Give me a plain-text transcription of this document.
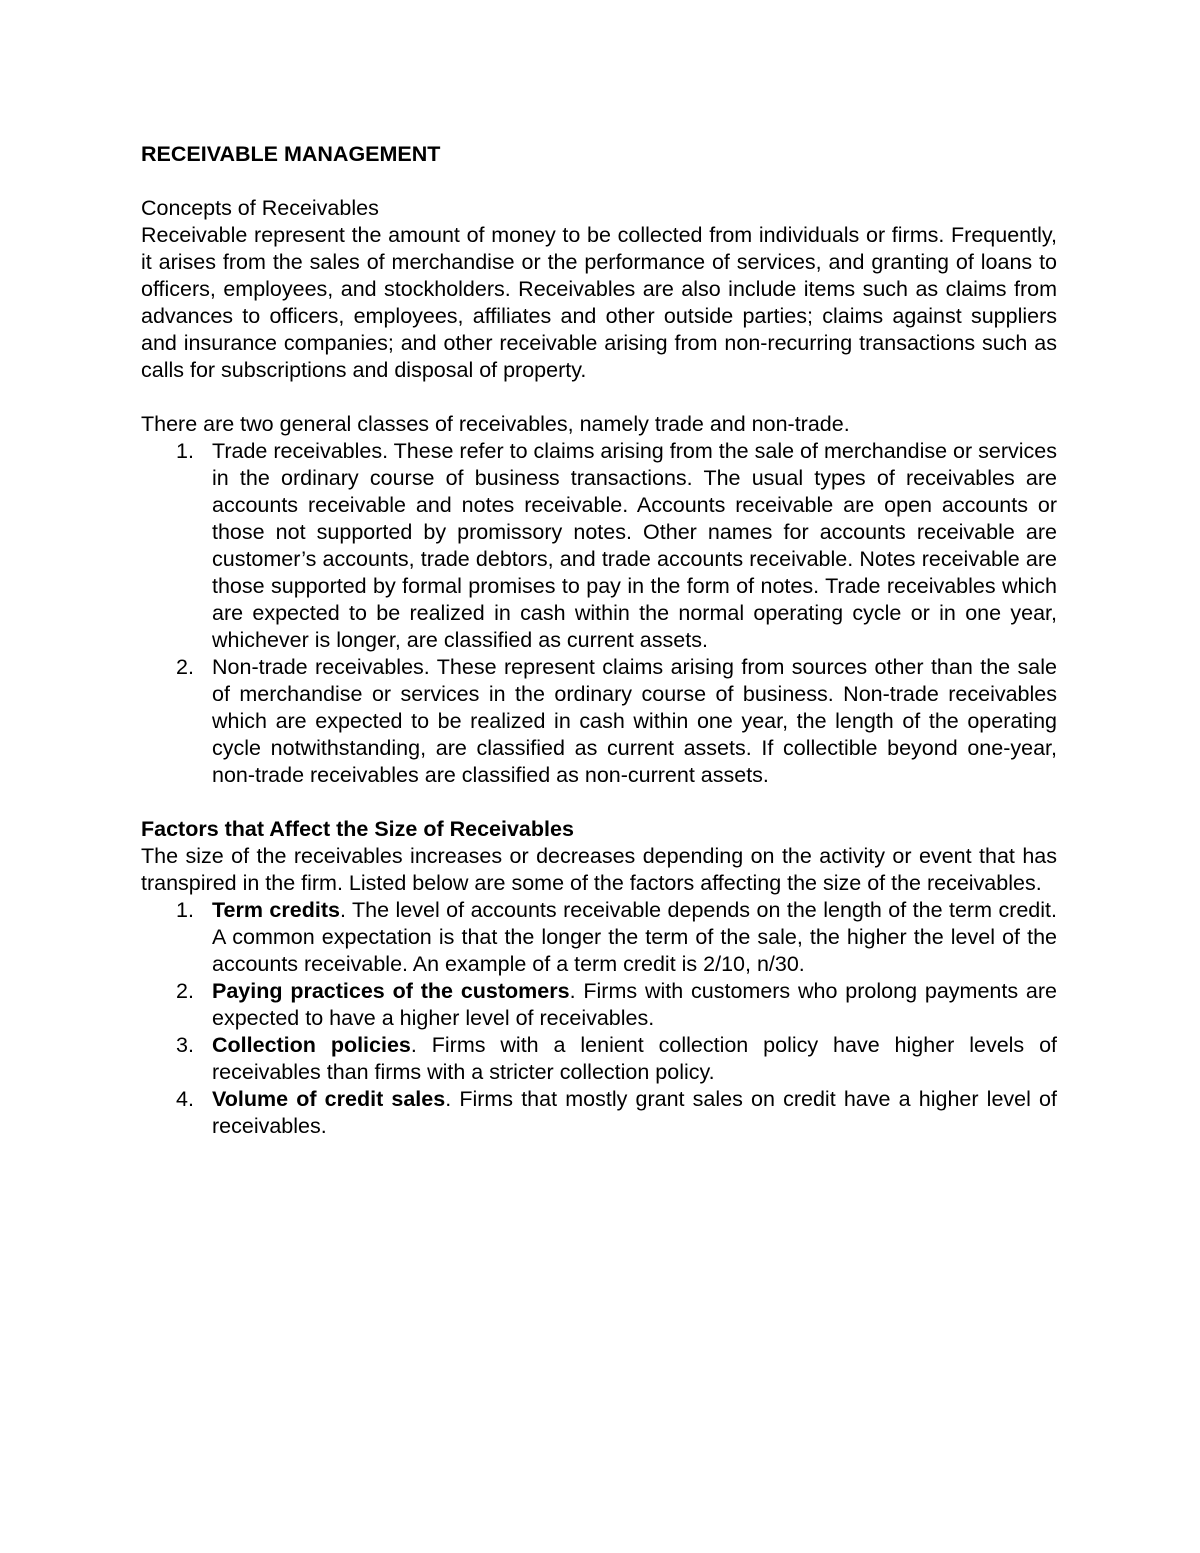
RECEIVABLE MANAGEMENT

Concepts of Receivables

Receivable represent the amount of money to be collected from individuals or firms. Frequently, it arises from the sales of merchandise or the performance of services, and granting of loans to officers, employees, and stockholders. Receivables are also include items such as claims from advances to officers, employees, affiliates and other outside parties; claims against suppliers and insurance companies; and other receivable arising from non-recurring transactions such as calls for subscriptions and disposal of property.

There are two general classes of receivables, namely trade and non-trade.

1. Trade receivables. These refer to claims arising from the sale of merchandise or services in the ordinary course of business transactions. The usual types of receivables are accounts receivable and notes receivable. Accounts receivable are open accounts or those not supported by promissory notes. Other names for accounts receivable are customer’s accounts, trade debtors, and trade accounts receivable. Notes receivable are those supported by formal promises to pay in the form of notes. Trade receivables which are expected to be realized in cash within the normal operating cycle or in one year, whichever is longer, are classified as current assets.
2. Non-trade receivables. These represent claims arising from sources other than the sale of merchandise or services in the ordinary course of business. Non-trade receivables which are expected to be realized in cash within one year, the length of the operating cycle notwithstanding, are classified as current assets. If collectible beyond one-year, non-trade receivables are classified as non-current assets.

Factors that Affect the Size of Receivables

The size of the receivables increases or decreases depending on the activity or event that has transpired in the firm. Listed below are some of the factors affecting the size of the receivables.

1. Term credits. The level of accounts receivable depends on the length of the term credit. A common expectation is that the longer the term of the sale, the higher the level of the accounts receivable. An example of a term credit is 2/10, n/30.
2. Paying practices of the customers. Firms with customers who prolong payments are expected to have a higher level of receivables.
3. Collection policies. Firms with a lenient collection policy have higher levels of receivables than firms with a stricter collection policy.
4. Volume of credit sales. Firms that mostly grant sales on credit have a higher level of receivables.
